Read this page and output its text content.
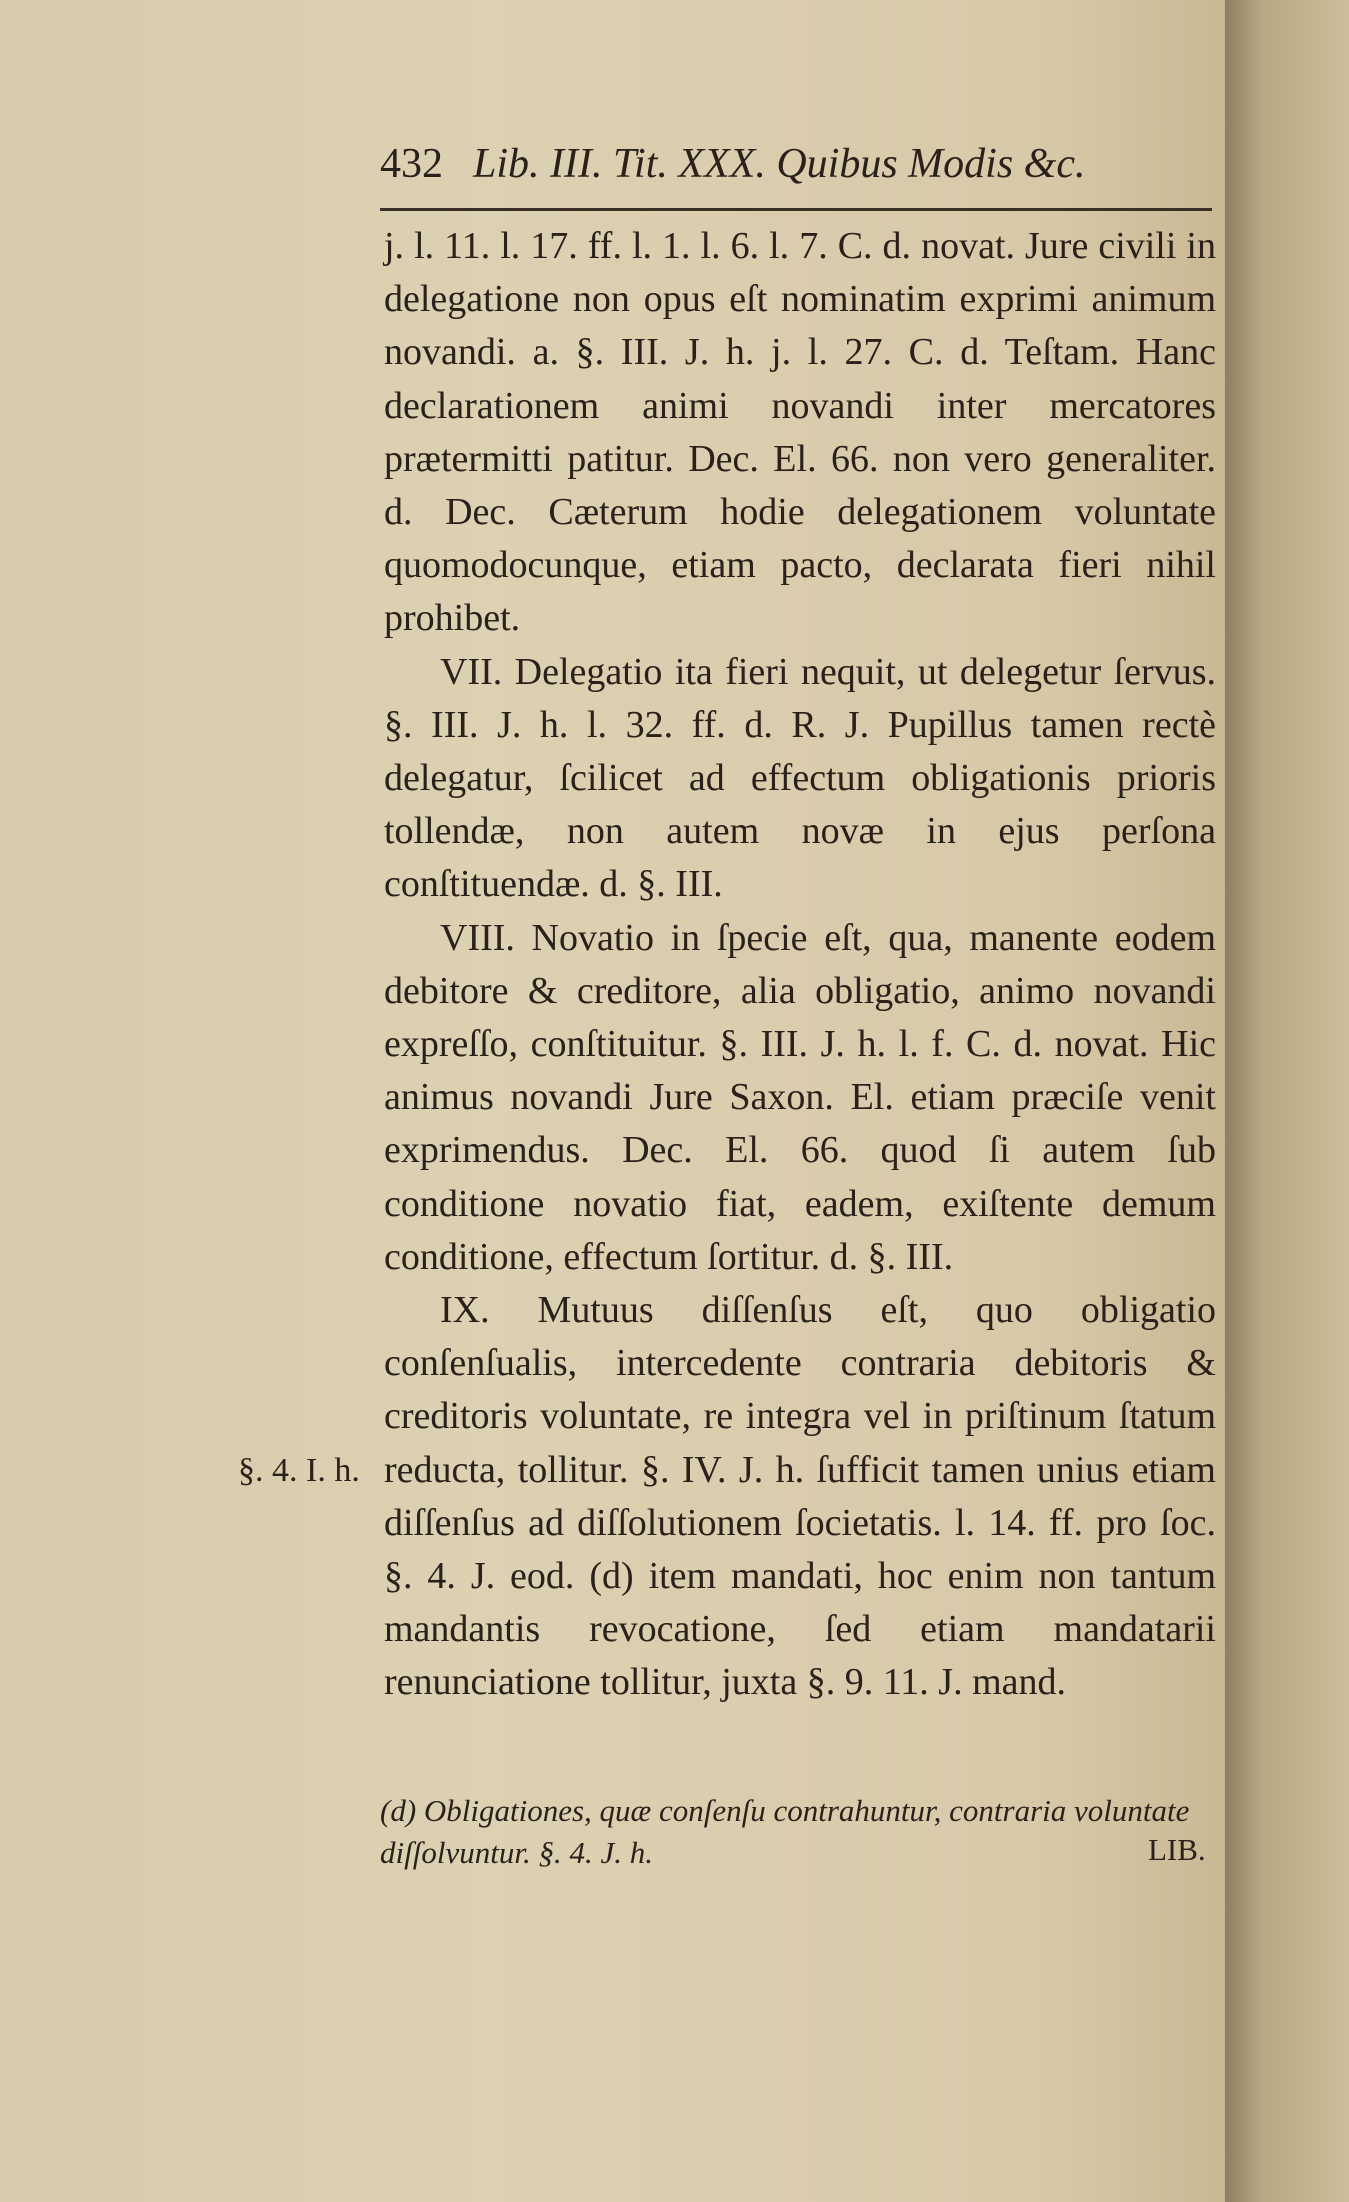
432 Lib. III. Tit. XXX. Quibus Modis &c.

j. l. 11. l. 17. ff. l. 1. l. 6. l. 7. C. d. novat. Jure civili in delegatione non opus eſt nominatim exprimi animum novandi. a. §. III. J. h. j. l. 27. C. d. Teſtam. Hanc declarationem animi novandi inter mercatores prætermitti patitur. Dec. El. 66. non vero generaliter. d. Dec. Cæterum hodie delegationem voluntate quomodocunque, etiam pacto, declarata fieri nihil prohibet.

VII. Delegatio ita fieri nequit, ut delegetur ſervus. §. III. J. h. l. 32. ff. d. R. J. Pupillus tamen rectè delegatur, ſcilicet ad effectum obligationis prioris tollendæ, non autem novæ in ejus perſona conſtituendæ. d. §. III.

VIII. Novatio in ſpecie eſt, qua, manente eodem debitore & creditore, alia obligatio, animo novandi expreſſo, conſtituitur. §. III. J. h. l. f. C. d. novat. Hic animus novandi Jure Saxon. El. etiam præciſe venit exprimendus. Dec. El. 66. quod ſi autem ſub conditione novatio fiat, eadem, exiſtente demum conditione, effectum ſortitur. d. §. III.

IX. Mutuus diſſenſus eſt, quo obligatio conſenſualis, intercedente contraria debitoris & creditoris voluntate, re integra vel in priſtinum ſtatum reducta, tollitur. §. IV. J. h. ſufficit tamen unius etiam diſſenſus ad diſſolutionem ſocietatis. l. 14. ff. pro ſoc. §. 4. J. eod. (d) item mandati, hoc enim non tantum mandantis revocatione, ſed etiam mandatarii renunciatione tollitur, juxta §. 9. 11. J. mand.

§. 4. I. h.
(d) Obligationes, quæ conſenſu contrahuntur, contraria voluntate diſſolvuntur. §. 4. J. h.	LIB.
